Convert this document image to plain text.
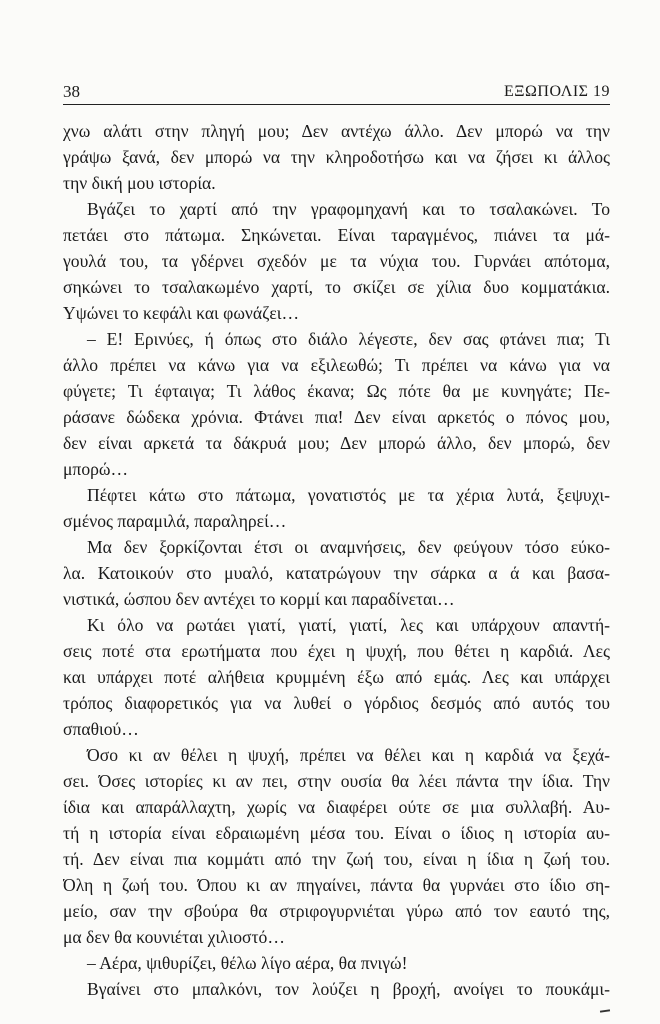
38	ΕΞΩΠΟΛΙΣ 19
χνω αλάτι στην πληγή μου; Δεν αντέχω άλλο. Δεν μπορώ να την
γράψω ξανά, δεν μπορώ να την κληροδοτήσω και να ζήσει κι άλλος
την δική μου ιστορία.
Βγάζει το χαρτί από την γραφομηχανή και το τσαλακώνει. Το
πετάει στο πάτωμα. Σηκώνεται. Είναι ταραγμένος, πιάνει τα μά-
γουλά του, τα γδέρνει σχεδόν με τα νύχια του. Γυρνάει απότομα,
σηκώνει το τσαλακωμένο χαρτί, το σκίζει σε χίλια δυο κομματάκια.
Υψώνει το κεφάλι και φωνάζει…
– Ε! Ερινύες, ή όπως στο διάλο λέγεστε, δεν σας φτάνει πια; Τι
άλλο πρέπει να κάνω για να εξιλεωθώ; Τι πρέπει να κάνω για να
φύγετε; Τι έφταιγα; Τι λάθος έκανα; Ως πότε θα με κυνηγάτε; Πε-
ράσανε δώδεκα χρόνια. Φτάνει πια! Δεν είναι αρκετός ο πόνος μου,
δεν είναι αρκετά τα δάκρυά μου; Δεν μπορώ άλλο, δεν μπορώ, δεν
μπορώ…
Πέφτει κάτω στο πάτωμα, γονατιστός με τα χέρια λυτά, ξεψυχι-
σμένος παραμιλά, παραληρεί…
Μα δεν ξορκίζονται έτσι οι αναμνήσεις, δεν φεύγουν τόσο εύκο-
λα. Κατοικούν στο μυαλό, κατατρώγουν την σάρκα α ά και βασα-
νιστικά, ώσπου δεν αντέχει το κορμί και παραδίνεται…
Κι όλο να ρωτάει γιατί, γιατί, γιατί, λες και υπάρχουν απαντή-
σεις ποτέ στα ερωτήματα που έχει η ψυχή, που θέτει η καρδιά. Λες
και υπάρχει ποτέ αλήθεια κρυμμένη έξω από εμάς. Λες και υπάρχει
τρόπος διαφορετικός για να λυθεί ο γόρδιος δεσμός από αυτός του
σπαθιού…
Όσο κι αν θέλει η ψυχή, πρέπει να θέλει και η καρδιά να ξεχά-
σει. Όσες ιστορίες κι αν πει, στην ουσία θα λέει πάντα την ίδια. Την
ίδια και απαράλλαχτη, χωρίς να διαφέρει ούτε σε μια συλλαβή. Αυ-
τή η ιστορία είναι εδραιωμένη μέσα του. Είναι ο ίδιος η ιστορία αυ-
τή. Δεν είναι πια κομμάτι από την ζωή του, είναι η ίδια η ζωή του.
Όλη η ζωή του. Όπου κι αν πηγαίνει, πάντα θα γυρνάει στο ίδιο ση-
μείο, σαν την σβούρα θα στριφογυρνιέται γύρω από τον εαυτό της,
μα δεν θα κουνιέται χιλιοστό…
– Αέρα, ψιθυρίζει, θέλω λίγο αέρα, θα πνιγώ!
Βγαίνει στο μπαλκόνι, τον λούζει η βροχή, ανοίγει το πουκάμι-
